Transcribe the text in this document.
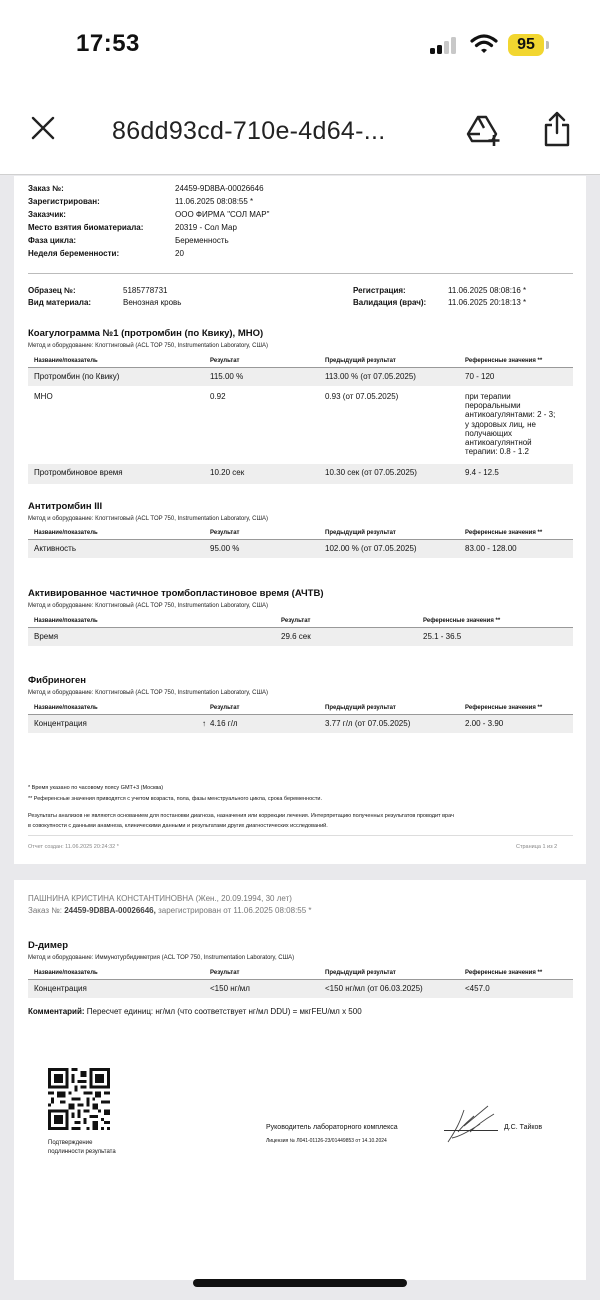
17:53	95
86dd93cd-710e-4d64-...
Заказ №:	24459-9D8BA-00026646
Зарегистрирован:	11.06.2025 08:08:55 *
Заказчик:	ООО ФИРМА "СОЛ МАР"
Место взятия биоматериала:	20319 - Сол Мар
Фаза цикла:	Беременность
Неделя беременности:	20
Образец №:	5185778731
Вид материала:	Венозная кровь
Регистрация:	11.06.2025 08:08:16 *
Валидация (врач):	11.06.2025 20:18:13 *
Коагулограмма №1 (протромбин (по Квику), МНО)
Метод и оборудование: Клоттинговый (ACL TOP 750, Instrumentation Laboratory, США)
Название/показатель	Результат	Предыдущий результат	Референсные значения **
Протромбин (по Квику)	115.00 %	113.00 % (от 07.05.2025)	70 - 120
МНО	0.92	0.93 (от 07.05.2025)	при терапии
пероральными
антикоагулянтами: 2 - 3;
у здоровых лиц, не
получающих
антикоагулянтной
терапии: 0.8 - 1.2
Протромбиновое время	10.20 сек	10.30 сек (от 07.05.2025)	9.4 - 12.5
Антитромбин III
Метод и оборудование: Клоттинговый (ACL TOP 750, Instrumentation Laboratory, США)
Название/показатель	Результат	Предыдущий результат	Референсные значения **
Активность	95.00 %	102.00 % (от 07.05.2025)	83.00 - 128.00
Активированное частичное тромбопластиновое время (АЧТВ)
Метод и оборудование: Клоттинговый (ACL TOP 750, Instrumentation Laboratory, США)
Название/показатель	Результат	Референсные значения **
Время	29.6 сек	25.1 - 36.5
Фибриноген
Метод и оборудование: Клоттинговый (ACL TOP 750, Instrumentation Laboratory, США)
Название/показатель	Результат	Предыдущий результат	Референсные значения **
Концентрация	↑ 4.16 г/л	3.77 г/л (от 07.05.2025)	2.00 - 3.90
* Время указано по часовому поясу GMT+3 (Москва)
** Референсные значения приводятся с учетом возраста, пола, фазы менструального цикла, срока беременности.
Результаты анализов не являются основанием для постановки диагноза, назначения или коррекции лечения. Интерпретацию полученных результатов проводит врач
в совокупности с данными анамнеза, клиническими данными и результатами других диагностических исследований.
Отчет создан: 11.06.2025 20:24:32 *	Страница 1 из 2
ПАШНИНА КРИСТИНА КОНСТАНТИНОВНА (Жен., 20.09.1994, 30 лет)
Заказ №: 24459-9D8BA-00026646, зарегистрирован от 11.06.2025 08:08:55 *
D-димер
Метод и оборудование: Иммунотурбидиметрия (ACL TOP 750, Instrumentation Laboratory, США)
Название/показатель	Результат	Предыдущий результат	Референсные значения **
Концентрация	<150 нг/мл	<150 нг/мл (от 06.03.2025)	<457.0
Комментарий: Пересчет единиц: нг/мл (что соответствует нг/мл DDU) = мкгFEU/мл x 500
Подтверждение
подлинности результата
Руководитель лабораторного комплекса
Лицензия № Л041-01126-23/01449853 от 14.10.2024
Д.С. Тайков
